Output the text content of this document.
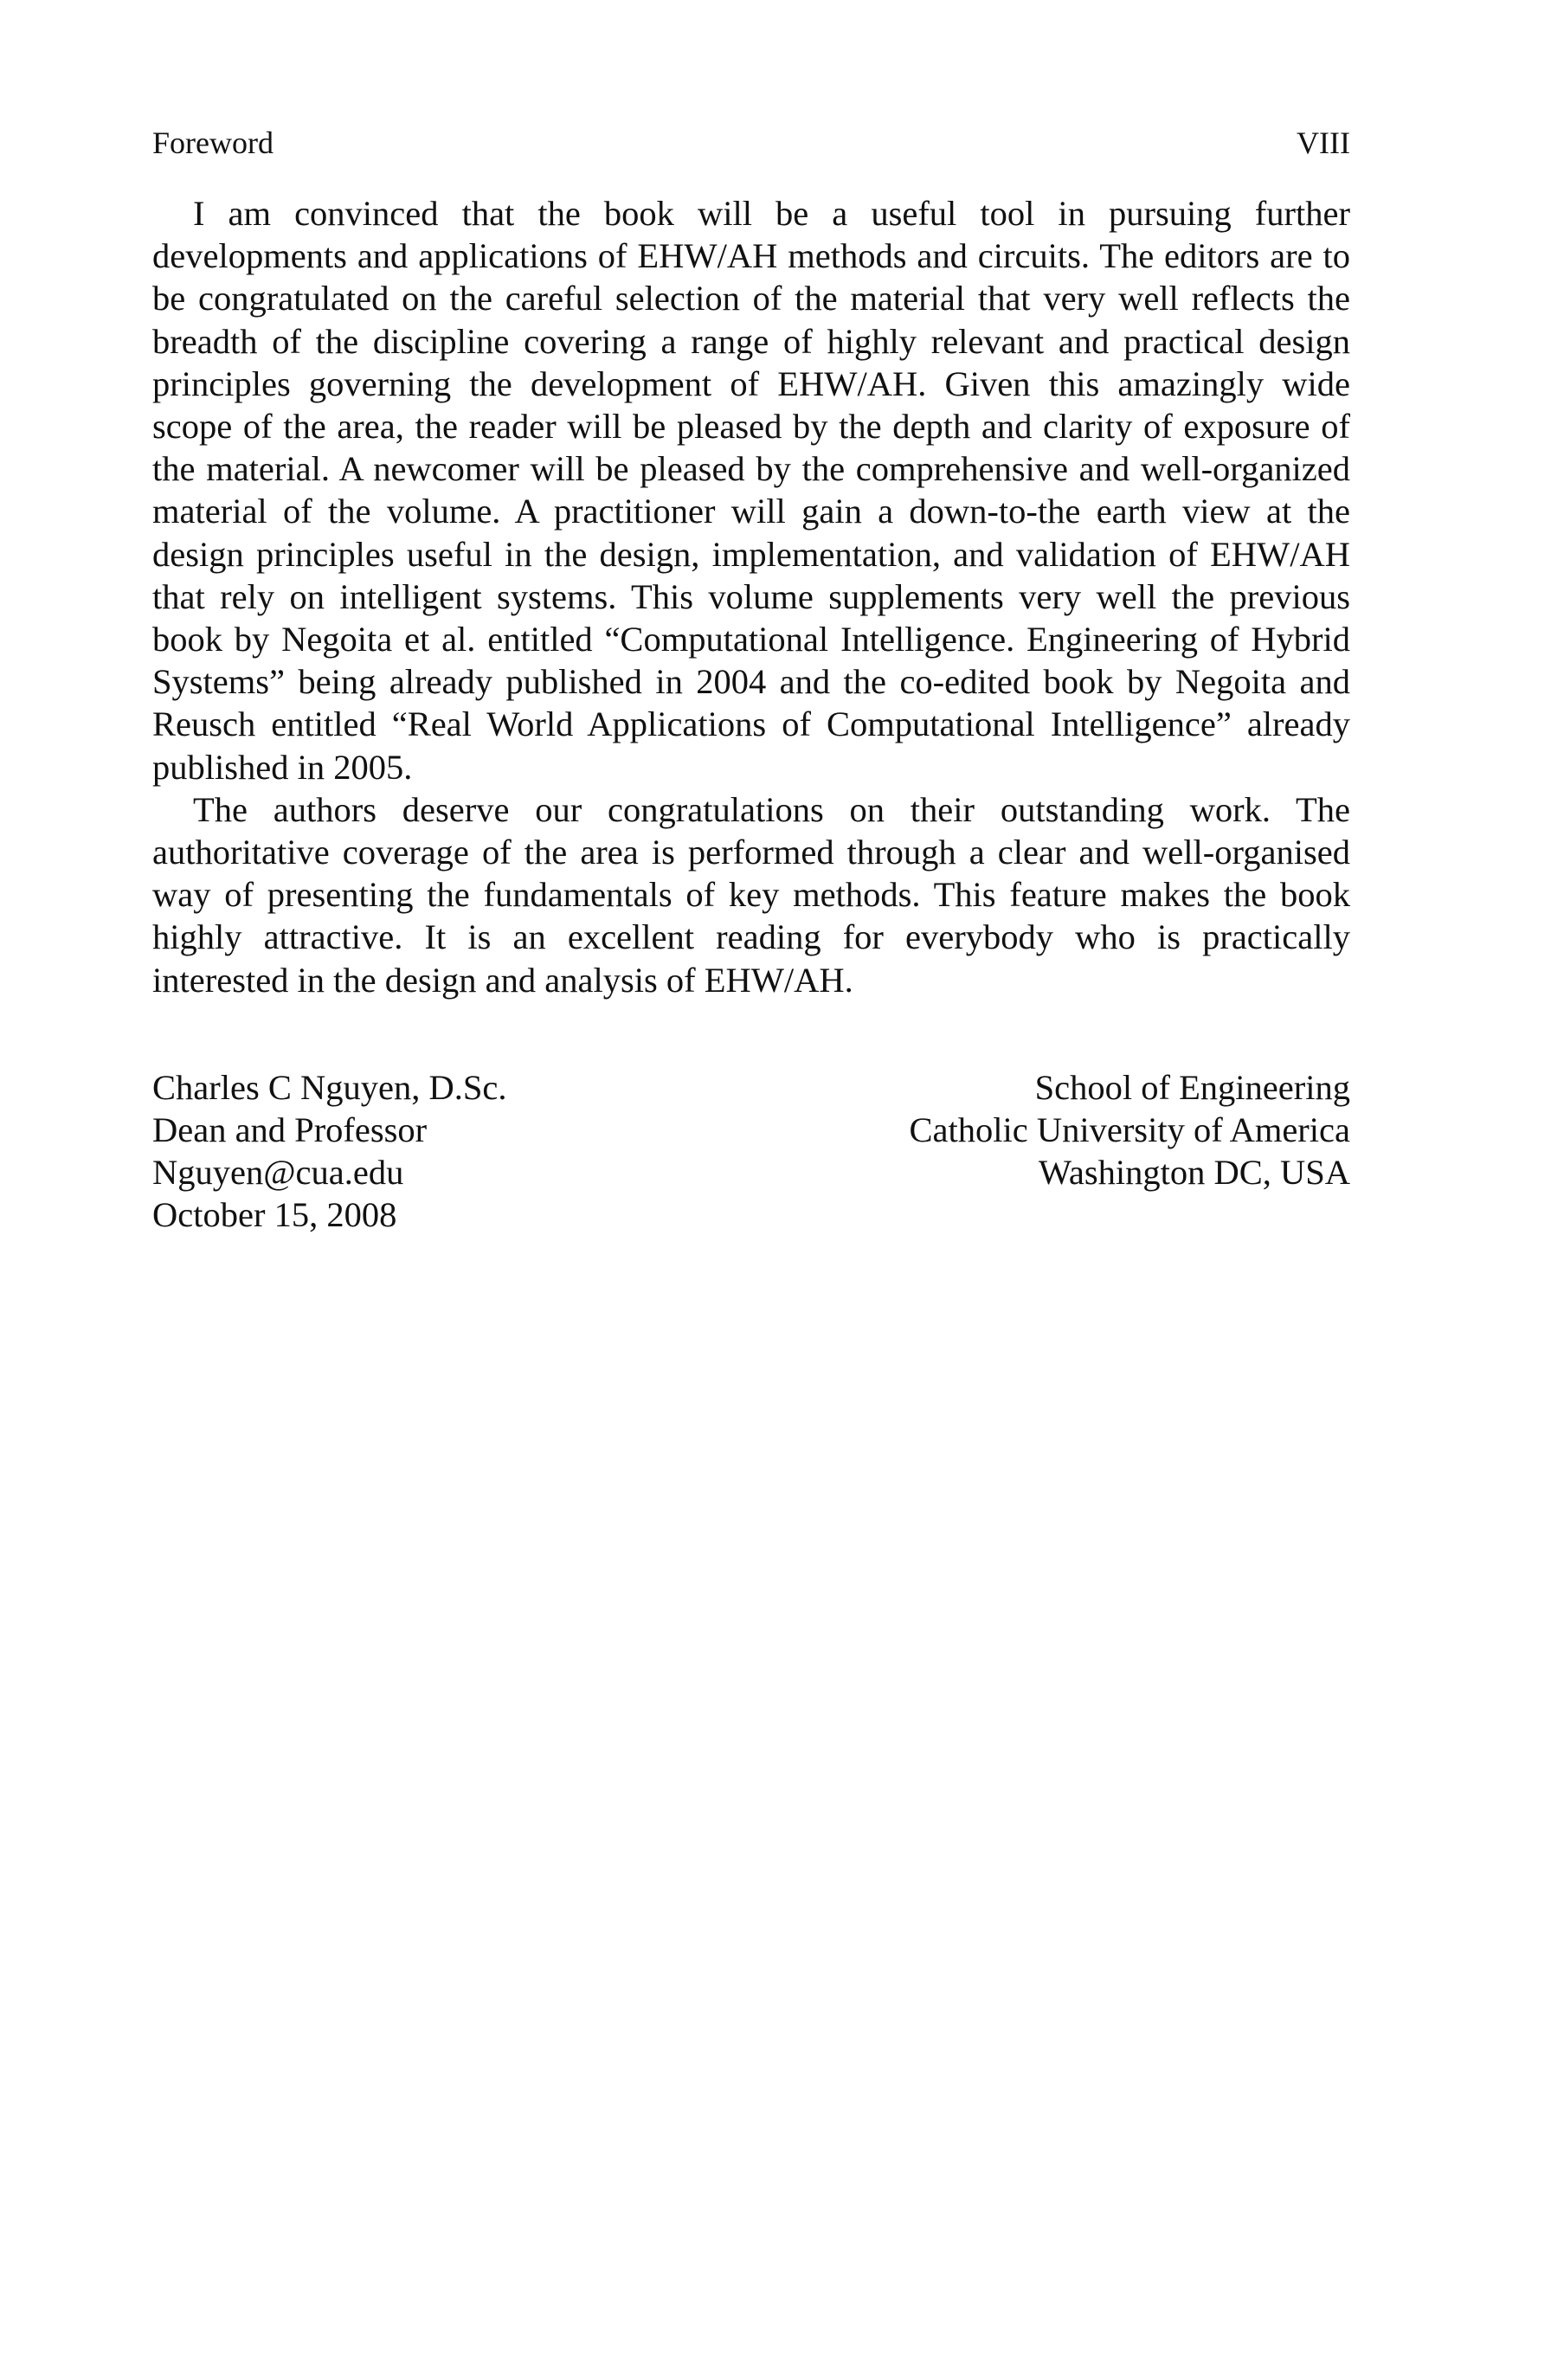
Foreword	VIII

I am convinced that the book will be a useful tool in pursuing further developments and applications of EHW/AH methods and circuits. The editors are to be congratulated on the careful selection of the material that very well reflects the breadth of the discipline covering a range of highly relevant and practical design principles governing the development of EHW/AH. Given this amazingly wide scope of the area, the reader will be pleased by the depth and clarity of exposure of the material. A newcomer will be pleased by the comprehensive and well-organized material of the volume. A practitioner will gain a down-to-the earth view at the design principles useful in the design, implementation, and validation of EHW/AH that rely on intelligent systems. This volume supplements very well the previous book by Negoita et al. entitled “Computational Intelligence. Engineering of Hybrid Systems” being already published in 2004 and the co-edited book by Negoita and Reusch entitled “Real World Applications of Computational Intelligence” already published in 2005.

The authors deserve our congratulations on their outstanding work. The authoritative coverage of the area is performed through a clear and well-organised way of presenting the fundamentals of key methods. This feature makes the book highly attractive. It is an excellent reading for everybody who is practically interested in the design and analysis of EHW/AH.

Charles C Nguyen, D.Sc.
Dean and Professor
Nguyen@cua.edu
October 15, 2008
School of Engineering
Catholic University of America
Washington DC, USA
